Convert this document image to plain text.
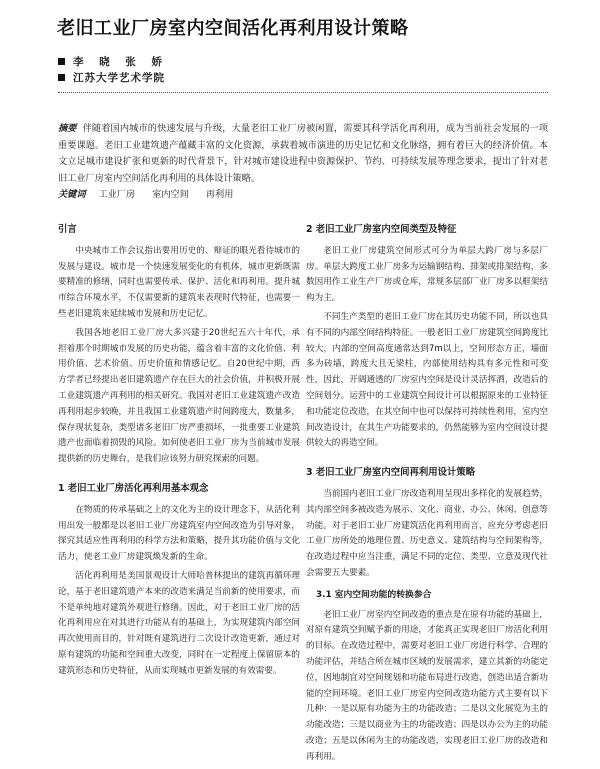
老旧工业厂房室内空间活化再利用设计策略
李 晓 张 娇
江苏大学艺术学院
摘要 伴随着国内城市的快速发展与升级，大量老旧工业厂房被闲置，需要其科学活化再利用，成为当前社会发展的一项重要课题。老旧工业建筑遗产蕴藏丰富的文化资源，承载着城市演进的历史记忆和文化脉络，拥有着巨大的经济价值。本文立足城市建设扩张和更新的时代背景下，针对城市建设进程中资源保护、节约、可持续发展等理念要求，提出了针对老旧工业厂房室内空间活化再利用的具体设计策略。
关键词 工业厂房 室内空间 再利用
引言

中央城市工作会议指出要用历史的、辩证的眼光看待城市的发展与建设。城市是一个快速发展变化的有机体，城市更新既需要精准的修缮，同时也需要传承、保护、活化和再利用。提升城市综合环境水平，不仅需要新的建筑来表现时代特征，也需要一些老旧建筑来延续城市发展和历史记忆。

我国各地老旧工业厂房大多兴建于20世纪五六十年代，承担着那个时期城市发展的历史功能，蕴含着丰富的文化价值、利用价值、艺术价值、历史价值和情感记忆。自20世纪中期，西方学者已经提出老旧建筑遗产存在巨大的社会价值，并积极开展工业建筑遗产再利用的相关研究。我国对老旧工业建筑遗产改造再利用起步较晚，并且我国工业建筑遗产时间跨度大，数量多，保存现状复杂，类型诸多老旧厂房严重损坏，一批重要工业建筑遗产也面临着损毁的风险。如何使老旧工业厂房为当前城市发展提供新的历史舞台，是我们应该努力研究探索的问题。

1 老旧工业厂房活化再利用基本观念

在物质的传承基础之上的文化为主的设计理念下，从活化利用出发一般都是以老旧工业厂房建筑室内空间改造为引导对象，探究其适应性再利用的科学方法和策略，提升其功能价值与文化活力，使老工业厂房建筑焕发新的生命。

活化再利用是美国景观设计大师哈普林提出的建筑再循环理论，基于老旧建筑遗产本来的改造来满足当前新的使用要求，而不是单纯地对建筑外观进行修缮。因此，对于老旧工业厂房的活化再利用应在对其进行功能从有的基础上，为实现建筑内部空间再次使用而目的，针对既有建筑进行二次设计改造更新，通过对原有建筑的功能和空间重大改变，同时在一定程度上保留原本的建筑形态和历史特征，从而实现城市更新发展的有效需要。

2 老旧工业厂房室内空间类型及特征

老旧工业厂房建筑空间形式可分为单层大跨厂房与多层厂房。单层大跨度工业厂房多为运输钢结构、排架或排架结构，多数因用作工业生产厂房或仓库，常规多层部厂业厂房多以框架结构为主。

不同生产类型的老旧工业厂房在其历史功能不同，所以也具有不同的内部空间结构特征。一般老旧工业厂房建筑空间跨度比较大，内部的空间高度通常达到7m以上，空间形态方正，墙面多为砖墙，跨度大且无梁柱，内部使用结构具有多元性和可变性，因此，开阔通透的厂房室内空间是设计灵活挥洒，改造后的空间划分。运营中的工业建筑空间设计可以根据原来的工业特征和功能定位改造，在其空间中也可以保持可持续性利用，室内空间改造设计，在其生产功能要求的，仍然能够为室内空间设计提供较大的再造空间。

3 老旧工业厂房室内空间再利用设计策略

当前国内老旧工业厂房改造利用呈现出多样化的发展趋势，其内部空间多被改造为展示、文化、商业、办公、休闲、创意等功能。对于老旧工业厂房建筑活化再利用而言，应充分考虑老旧工业厂房所处的地理位置、历史意义、建筑结构与空间架构等，在改造过程中应当注重，满足不同的定位、类型、立意及现代社会需要五大要素。

3.1 室内空间功能的转换参合

老旧工业厂房室内空间改造的重点是在原有功能的基础上，对原有建筑空间赋予新的用途，才能真正实现老旧厂房活化利用的目标。在改造过程中，需要对老旧工业厂房进行科学、合理的功能评估，并结合所在城市区域的发展需求，建立其新的功能定位，因地制宜对空间规划和功能布局进行改造，创造出适合新功能的空间环境。老旧工业厂房室内空间改造功能方式主要有以下几种：一是以原有功能为主的功能改造；二是以文化展览为主的功能改造；三是以商业为主的功能改造；四是以办公为主的功能改造；五是以休闲为主的功能改造，实现老旧工业厂房的改造和再利用。
